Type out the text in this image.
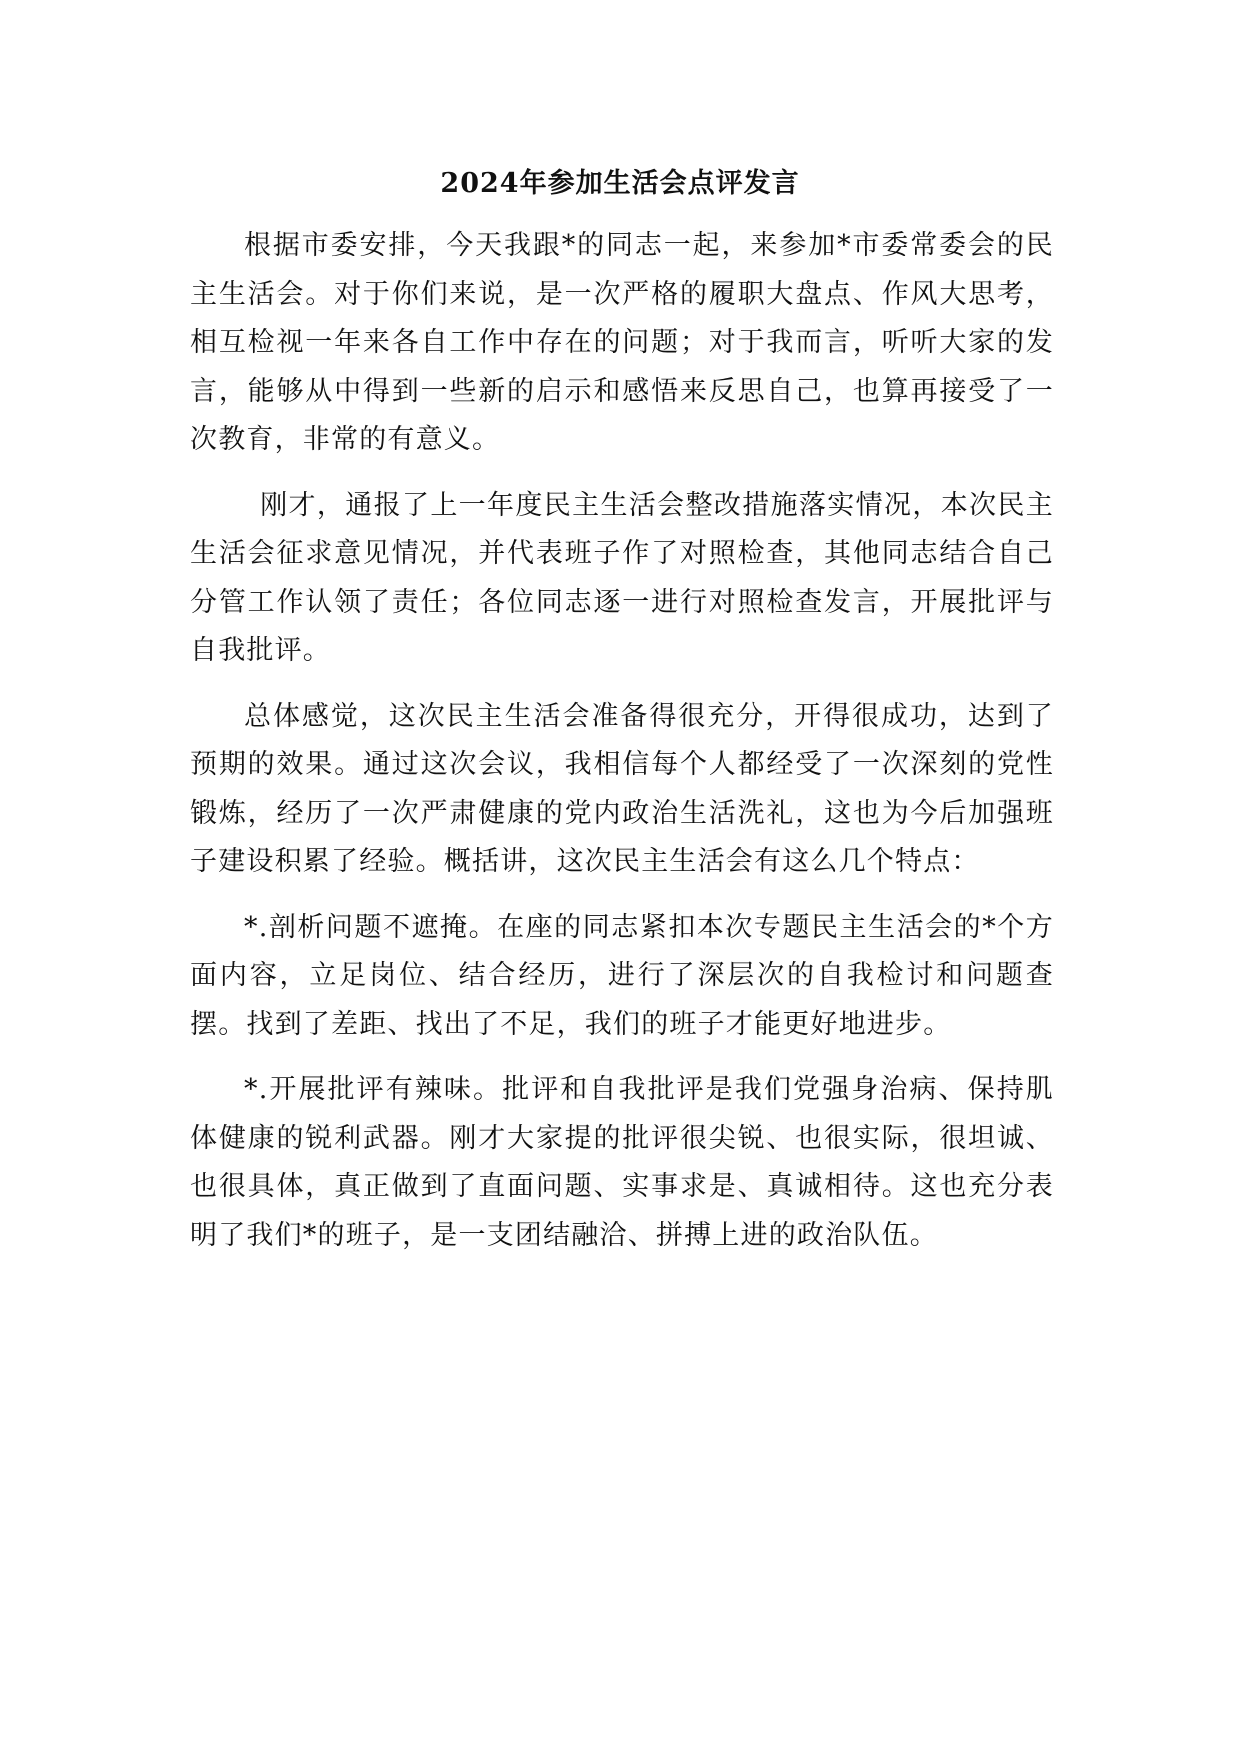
2024年参加生活会点评发言

根据市委安排，今天我跟*的同志一起，来参加*市委常委会的民主生活会。对于你们来说，是一次严格的履职大盘点、作风大思考，相互检视一年来各自工作中存在的问题；对于我而言，听听大家的发言，能够从中得到一些新的启示和感悟来反思自己，也算再接受了一次教育，非常的有意义。

刚才，通报了上一年度民主生活会整改措施落实情况，本次民主生活会征求意见情况，并代表班子作了对照检查，其他同志结合自己分管工作认领了责任；各位同志逐一进行对照检查发言，开展批评与自我批评。

总体感觉，这次民主生活会准备得很充分，开得很成功，达到了预期的效果。通过这次会议，我相信每个人都经受了一次深刻的党性锻炼，经历了一次严肃健康的党内政治生活洗礼，这也为今后加强班子建设积累了经验。概括讲，这次民主生活会有这么几个特点：

*.剖析问题不遮掩。在座的同志紧扣本次专题民主生活会的*个方面内容，立足岗位、结合经历，进行了深层次的自我检讨和问题查摆。找到了差距、找出了不足，我们的班子才能更好地进步。

*.开展批评有辣味。批评和自我批评是我们党强身治病、保持肌体健康的锐利武器。刚才大家提的批评很尖锐、也很实际，很坦诚、也很具体，真正做到了直面问题、实事求是、真诚相待。这也充分表明了我们*的班子，是一支团结融洽、拼搏上进的政治队伍。
